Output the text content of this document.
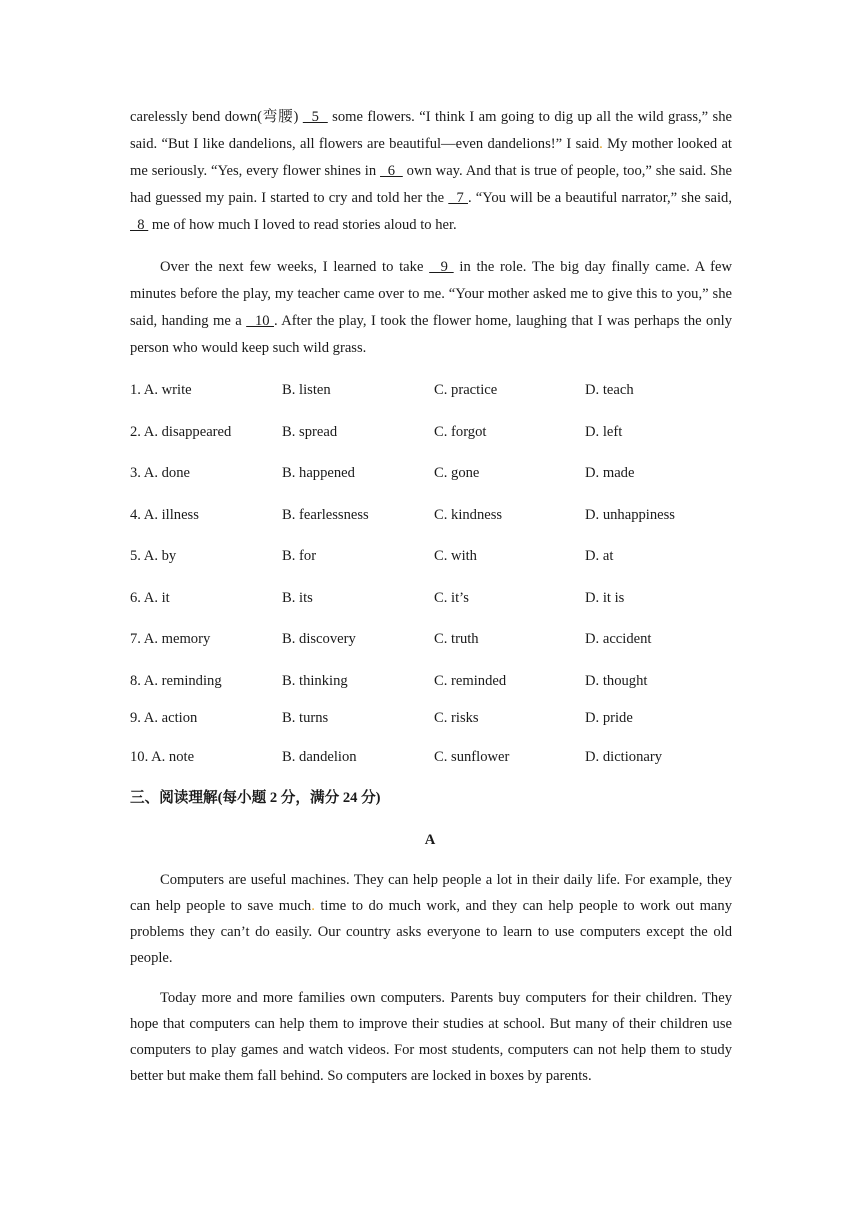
carelessly bend down(弯腰)   5   some flowers. “I think I am going to dig up all the wild grass,” she said. “But I like dandelions, all flowers are beautiful—even dandelions!” I said. My mother looked at me seriously. “Yes, every flower shines in   6   own way. And that is true of people, too,” she said. She had guessed my pain. I started to cry and told her the   7 . “You will be a beautiful narrator,” she said,   8  me of how much I loved to read stories aloud to her.

Over the next few weeks, I learned to take   9  in the role. The big day finally came. A few minutes before the play, my teacher came over to me. “Your mother asked me to give this to you,” she said, handing me a   10 . After the play, I took the flower home, laughing that I was perhaps the only person who would keep such wild grass.

1. A. write	B. listen	C. practice	D. teach
2. A. disappeared	B. spread	C. forgot	D. left
3. A. done	B. happened	C. gone	D. made
4. A. illness	B. fearlessness	C. kindness	D. unhappiness
5. A. by	B. for	C. with	D. at
6. A. it	B. its	C. it’s	D. it is
7. A. memory	B. discovery	C. truth	D. accident
8. A. reminding	B. thinking	C. reminded	D. thought
9. A. action	B. turns	C. risks	D. pride
10. A. note	B. dandelion	C. sunflower	D. dictionary

三、阅读理解(每小题 2 分，满分 24 分)

A

Computers are useful machines. They can help people a lot in their daily life. For example, they can help people to save much. time to do much work, and they can help people to work out many problems they can’t do easily. Our country asks everyone to learn to use computers except the old people.

Today more and more families own computers. Parents buy computers for their children. They hope that computers can help them to improve their studies at school. But many of their children use computers to play games and watch videos. For most students, computers can not help them to study better but make them fall behind. So computers are locked in boxes by parents.
